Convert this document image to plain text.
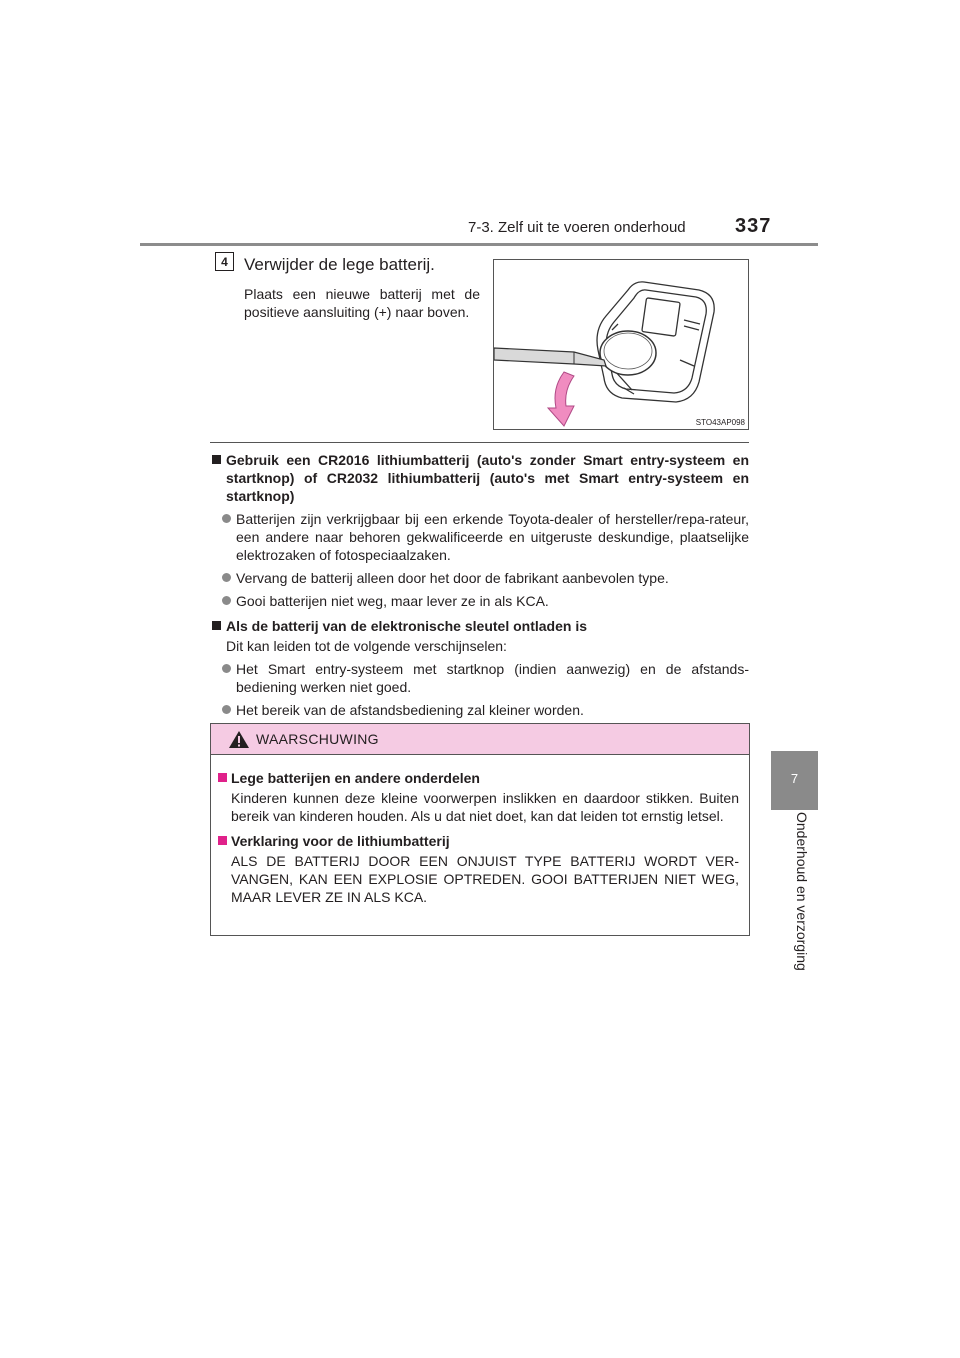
7-3. Zelf uit te voeren onderhoud 337
7
Onderhoud en verzorging
4 Verwijder de lege batterij.
Plaats een nieuwe batterij met de positieve aansluiting (+) naar boven.
STO43AP098
Gebruik een CR2016 lithiumbatterij (auto's zonder Smart entry-systeem en startknop) of CR2032 lithiumbatterij (auto's met Smart entry-systeem en startknop)
Batterijen zijn verkrijgbaar bij een erkende Toyota-dealer of hersteller/repa-rateur, een andere naar behoren gekwalificeerde en uitgeruste deskundige, plaatselijke elektrozaken of fotospeciaalzaken.
Vervang de batterij alleen door het door de fabrikant aanbevolen type.
Gooi batterijen niet weg, maar lever ze in als KCA.
Als de batterij van de elektronische sleutel ontladen is
Dit kan leiden tot de volgende verschijnselen:
Het Smart entry-systeem met startknop (indien aanwezig) en de afstands-bediening werken niet goed.
Het bereik van de afstandsbediening zal kleiner worden.
WAARSCHUWING
Lege batterijen en andere onderdelen
Kinderen kunnen deze kleine voorwerpen inslikken en daardoor stikken. Buiten bereik van kinderen houden. Als u dat niet doet, kan dat leiden tot ernstig letsel.
Verklaring voor de lithiumbatterij
ALS DE BATTERIJ DOOR EEN ONJUIST TYPE BATTERIJ WORDT VER-VANGEN, KAN EEN EXPLOSIE OPTREDEN. GOOI BATTERIJEN NIET WEG, MAAR LEVER ZE IN ALS KCA.
